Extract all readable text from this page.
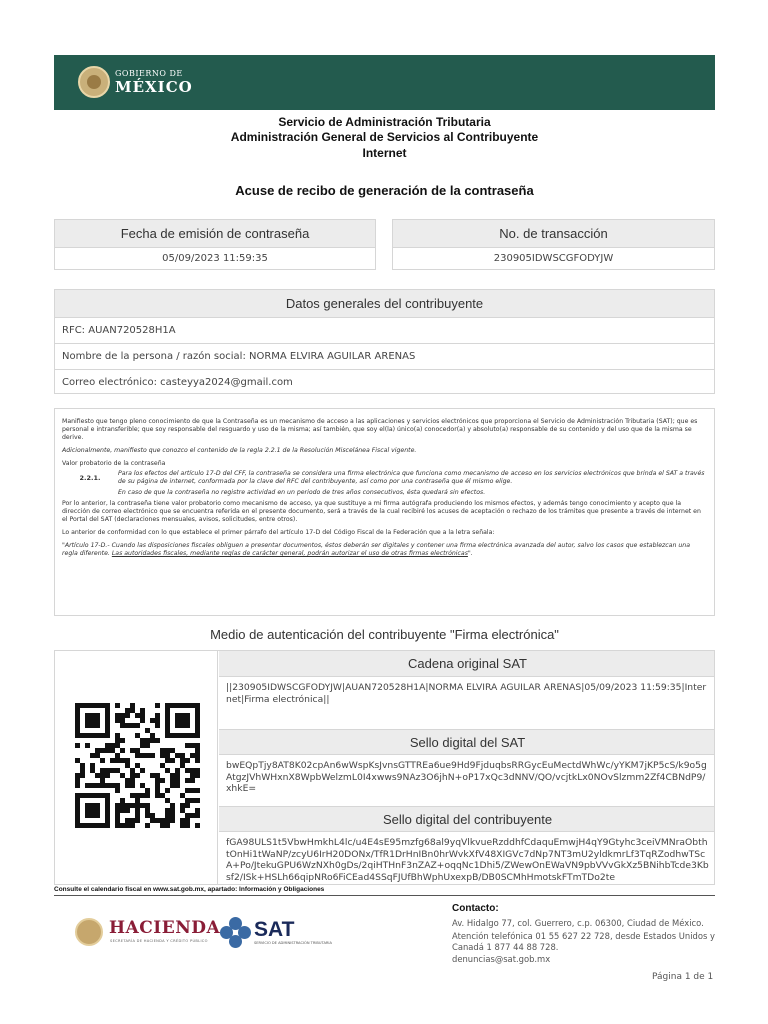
GOBIERNO DE
MÉXICO
Servicio de Administración Tributaria
Administración General de Servicios al Contribuyente
Internet
Acuse de recibo de generación de la contraseña
Fecha de emisión de contraseña
05/09/2023 11:59:35
No. de transacción
230905IDWSCGFODYJW
Datos generales del contribuyente
RFC: AUAN720528H1A
Nombre de la persona / razón social: NORMA ELVIRA AGUILAR ARENAS
Correo electrónico: casteyya2024@gmail.com

Manifiesto que tengo pleno conocimiento de que la Contraseña es un mecanismo de acceso a las aplicaciones y servicios electrónicos que proporciona el Servicio de Administración Tributaria (SAT); que es personal e intransferible; que soy responsable del resguardo y uso de la misma; así también, que soy el(la) único(a) conocedor(a) y absoluto(a) responsable de su contenido y del uso que de la misma se derive.

Adicionalmente, manifiesto que conozco el contenido de la regla 2.2.1 de la Resolución Miscelánea Fiscal vigente.

Valor probatorio de la contraseña

2.2.1.

Para los efectos del artículo 17-D del CFF, la contraseña se considera una firma electrónica que funciona como mecanismo de acceso en los servicios electrónicos que brinda el SAT a través de su página de internet, conformada por la clave del RFC del contribuyente, así como por una contraseña que él mismo elige.

En caso de que la contraseña no registre actividad en un periodo de tres años consecutivos, ésta quedará sin efectos.

Por lo anterior, la contraseña tiene valor probatorio como mecanismo de acceso, ya que sustituye a mi firma autógrafa produciendo los mismos efectos, y además tengo conocimiento y acepto que la dirección de correo electrónico que se encuentra referida en el presente documento, será a través de la cual recibiré los acuses de aceptación o rechazo de los trámites que presente a través de internet en el Portal del SAT (declaraciones mensuales, avisos, solicitudes, entre otros).

Lo anterior de conformidad con lo que establece el primer párrafo del artículo 17-D del Código Fiscal de la Federación que a la letra señala:

"Artículo 17-D.- Cuando las disposiciones fiscales obliguen a presentar documentos, éstos deberán ser digitales y contener una firma electrónica avanzada del autor, salvo los casos que establezcan una regla diferente. Las autoridades fiscales, mediante reglas de carácter general, podrán autorizar el uso de otras firmas electrónicas".

Medio de autenticación del contribuyente "Firma electrónica"
Cadena original SAT
||230905IDWSCGFODYJW|AUAN720528H1A|NORMA ELVIRA AGUILAR ARENAS|05/09/2023 11:59:35|Internet|Firma electrónica||
Sello digital del SAT
bwEQpTjy8AT8K02cpAn6wWspKsJvnsGTTREa6ue9Hd9FjduqbsRRGycEuMectdWhWc/yYKM7jKP5cS/k9o5gAtgzJVhWHxnX8WpbWelzmL0I4xwws9NAz3O6jhN+oP17xQc3dNNV/QO/vcjtkLx0NOvSlzmm2Zf4CBNdP9/xhkE=
Sello digital del contribuyente
fGA98ULS1t5VbwHmkhL4lc/u4E4sE95mzfg68al9yqVlkvueRzddhfCdaquEmwjH4qY9Gtyhc3ceiVMNraObthtOnHi1tWaNP/zcyU6IrH20DONx/TfR1DrHnIBn0hrWvkXfV48XIGVc7dNp7NT3mU2yldkmrLf3TqRZodhwTScA+Po/JtekuGPU6WzNXh0gDs/2qiHTHnF3nZAZ+oqqNc1Dhi5/ZWewOnEWaVN9pbVVvGkXz5BNihbTcde3Kbsf2/ISk+HSLh66qipNRo6FiCEad4SSqFJUfBhWphUxexpB/DB0SCMhHmotskFTmTDo2te
Consulte el calendario fiscal en www.sat.gob.mx, apartado: Información y Obligaciones
HACIENDA
SECRETARÍA DE HACIENDA Y CRÉDITO PÚBLICO SAT
SERVICIO DE ADMINISTRACIÓN TRIBUTARIA
Contacto:
Av. Hidalgo 77, col. Guerrero, c.p. 06300, Ciudad de México.
Atención telefónica 01 55 627 22 728, desde Estados Unidos y Canadá 1 877 44 88 728.
denuncias@sat.gob.mx
Página 1 de 1
